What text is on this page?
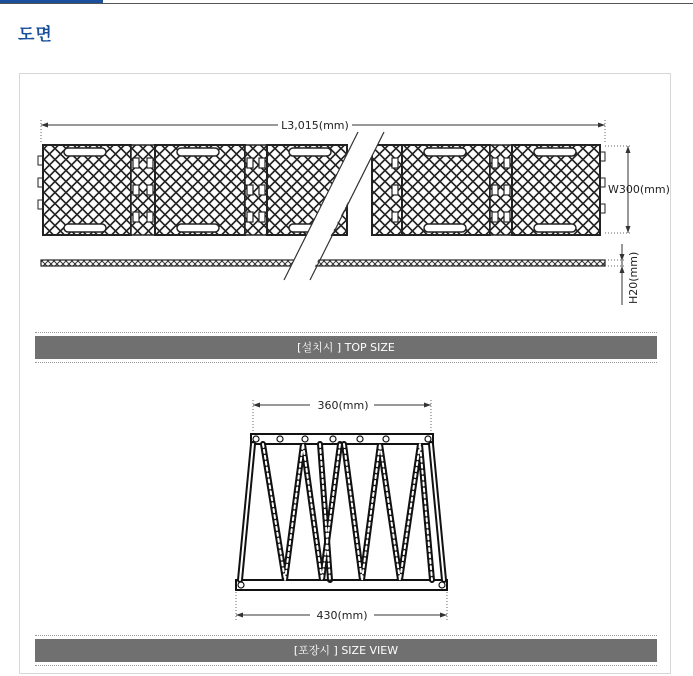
도면
L3,015(mm)
W300(mm)
H20(mm)
360(mm)
430(mm)
[설치시 ] TOP SIZE
[포장시 ] SIZE VIEW
